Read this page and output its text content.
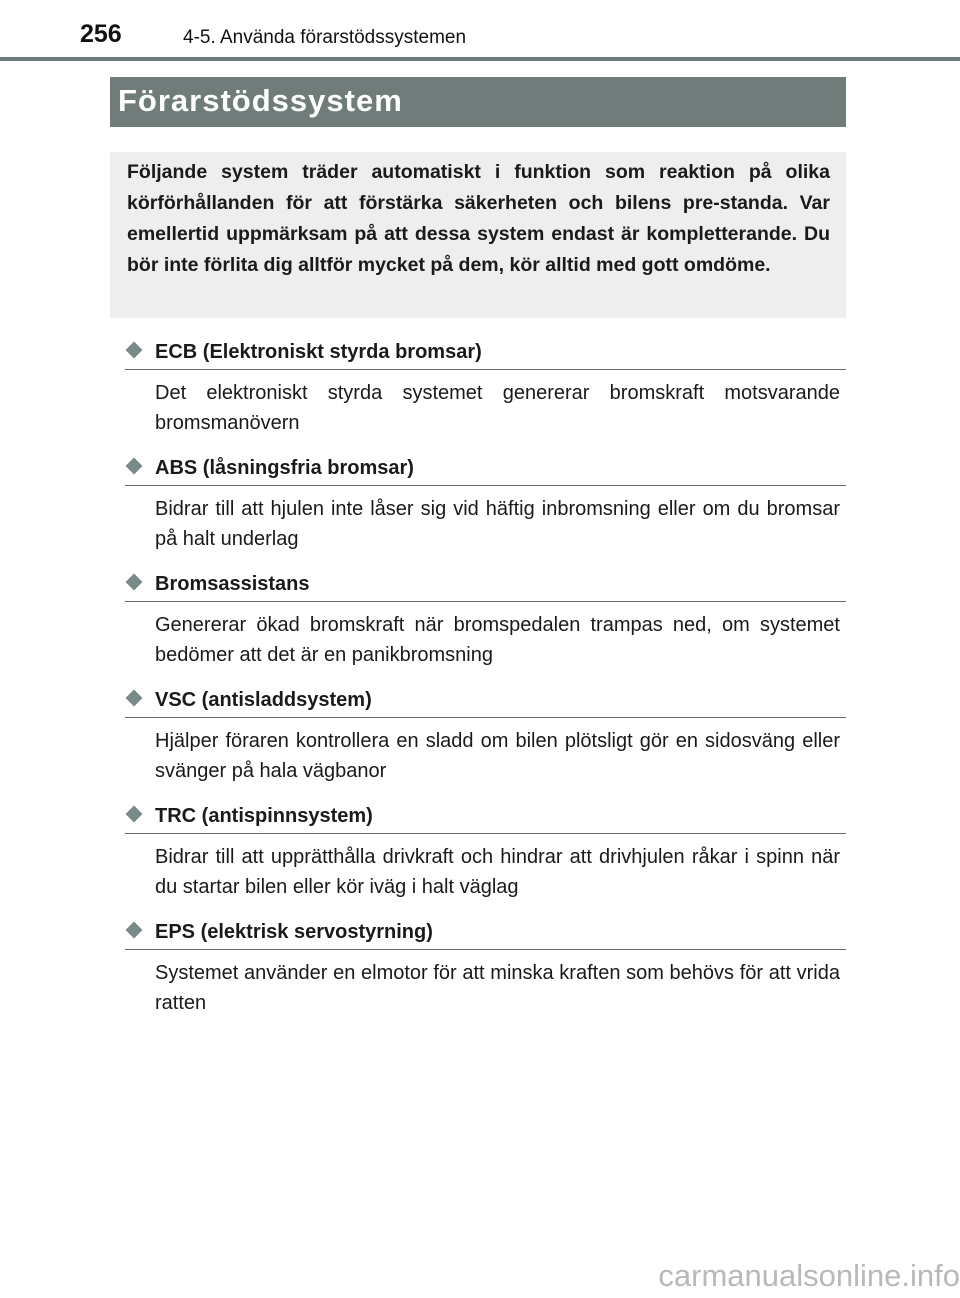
256	4-5. Använda förarstödssystemen
Förarstödssystem
Följande system träder automatiskt i funktion som reaktion på olika körförhållanden för att förstärka säkerheten och bilens pre-standa. Var emellertid uppmärksam på att dessa system endast är kompletterande. Du bör inte förlita dig alltför mycket på dem, kör alltid med gott omdöme.
ECB (Elektroniskt styrda bromsar)
Det elektroniskt styrda systemet genererar bromskraft motsvarande bromsmanövern
ABS (låsningsfria bromsar)
Bidrar till att hjulen inte låser sig vid häftig inbromsning eller om du bromsar på halt underlag
Bromsassistans
Genererar ökad bromskraft när bromspedalen trampas ned, om systemet bedömer att det är en panikbromsning
VSC (antisladdsystem)
Hjälper föraren kontrollera en sladd om bilen plötsligt gör en sidosväng eller svänger på hala vägbanor
TRC (antispinnsystem)
Bidrar till att upprätthålla drivkraft och hindrar att drivhjulen råkar i spinn när du startar bilen eller kör iväg i halt väglag
EPS (elektrisk servostyrning)
Systemet använder en elmotor för att minska kraften som behövs för att vrida ratten
carmanualsonline.info
